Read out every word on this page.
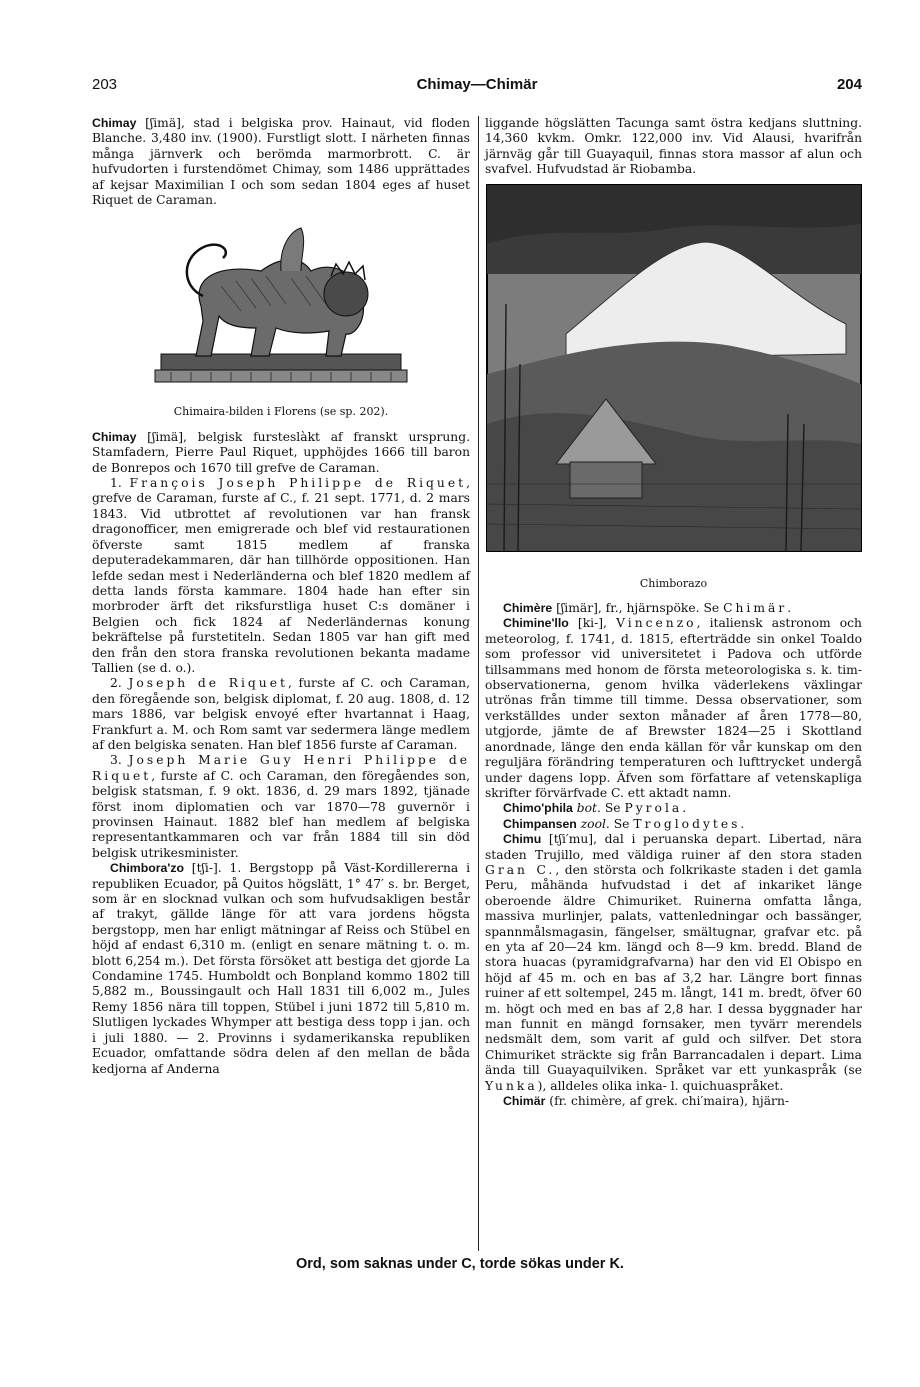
203	Chimay—Chimär	204

Chimay [ʃimä], stad i belgiska prov. Hainaut, vid floden Blanche. 3,480 inv. (1900). Furstligt slott. I närheten finnas många järnverk och berömda marmorbrott. C. är hufvudorten i furstendömet Chimay, som 1486 upprättades af kejsar Maximilian I och som sedan 1804 eges af huset Riquet de Caraman.

Chimaira-bilden i Florens (se sp. 202).

Chimay [ʃimä], belgisk fursteslàkt af franskt ursprung. Stamfadern, Pierre Paul Riquet, upphöjdes 1666 till baron de Bonrepos och 1670 till grefve de Caraman.

1. François Joseph Philippe de Riquet, grefve de Caraman, furste af C., f. 21 sept. 1771, d. 2 mars 1843. Vid utbrottet af revolutionen var han fransk dragonofficer, men emigrerade och blef vid restaurationen öfverste samt 1815 medlem af franska deputeradekammaren, där han tillhörde oppositionen. Han lefde sedan mest i Nederländerna och blef 1820 medlem af detta lands första kammare. 1804 hade han efter sin morbroder ärft det riksfurstliga huset C:s domäner i Belgien och fick 1824 af Nederländernas konung bekräftelse på furstetiteln. Sedan 1805 var han gift med den från den stora franska revolutionen bekanta madame Tallien (se d. o.).

2. Joseph de Riquet, furste af C. och Caraman, den föregående son, belgisk diplomat, f. 20 aug. 1808, d. 12 mars 1886, var belgisk envoyé efter hvartannat i Haag, Frankfurt a. M. och Rom samt var sedermera länge medlem af den belgiska senaten. Han blef 1856 furste af Caraman.

3. Joseph Marie Guy Henri Philippe de Riquet, furste af C. och Caraman, den föregåendes son, belgisk statsman, f. 9 okt. 1836, d. 29 mars 1892, tjänade först inom diplomatien och var 1870—78 guvernör i provinsen Hainaut. 1882 blef han medlem af belgiska representantkammaren och var från 1884 till sin död belgisk utrikesminister.

Chimbora'zo [tʃi-]. 1. Bergstopp på Väst-Kordillererna i republiken Ecuador, på Quitos högslätt, 1° 47′ s. br. Berget, som är en slocknad vulkan och som hufvudsakligen består af trakyt, gällde länge för att vara jordens högsta bergstopp, men har enligt mätningar af Reiss och Stübel en höjd af endast 6,310 m. (enligt en senare mätning t. o. m. blott 6,254 m.). Det första försöket att bestiga det gjorde La Condamine 1745. Humboldt och Bonpland kommo 1802 till 5,882 m., Boussingault och Hall 1831 till 6,002 m., Jules Remy 1856 nära till toppen, Stübel i juni 1872 till 5,810 m. Slutligen lyckades Whymper att bestiga dess topp i jan. och i juli 1880. — 2. Provinns i sydamerikanska republiken Ecuador, omfattande södra delen af den mellan de båda kedjorna af Anderna

liggande högslätten Tacunga samt östra kedjans sluttning. 14,360 kvkm. Omkr. 122,000 inv. Vid Alausi, hvarifrån järnväg går till Guayaquil, finnas stora massor af alun och svafvel. Hufvudstad är Riobamba.

Chimborazo

Chimère [ʃimär], fr., hjärnspöke. Se Chimär.

Chimine'llo [ki-], Vincenzo, italiensk astronom och meteorolog, f. 1741, d. 1815, efterträdde sin onkel Toaldo som professor vid universitetet i Padova och utförde tillsammans med honom de första meteorologiska s. k. tim-observationerna, genom hvilka väderlekens växlingar utrönas från timme till timme. Dessa observationer, som verkställdes under sexton månader af åren 1778—80, utgjorde, jämte de af Brewster 1824—25 i Skottland anordnade, länge den enda källan för vår kunskap om den reguljära förändring temperaturen och lufttrycket undergå under dagens lopp. Äfven som författare af vetenskapliga skrifter förvärfvade C. ett aktadt namn.

Chimo'phila bot. Se Pyrola.

Chimpansen zool. Se Troglodytes.

Chimu [tʃi′mu], dal i peruanska depart. Libertad, nära staden Trujillo, med väldiga ruiner af den stora staden Gran C., den största och folkrikaste staden i det gamla Peru, måhända hufvudstad i det af inkariket länge oberoende äldre Chimuriket. Ruinerna omfatta långa, massiva murlinjer, palats, vattenledningar och bassänger, spannmålsmagasin, fängelser, smältugnar, grafvar etc. på en yta af 20—24 km. längd och 8—9 km. bredd. Bland de stora huacas (pyramidgrafvarna) har den vid El Obispo en höjd af 45 m. och en bas af 3,2 har. Längre bort finnas ruiner af ett soltempel, 245 m. långt, 141 m. bredt, öfver 60 m. högt och med en bas af 2,8 har. I dessa byggnader har man funnit en mängd fornsaker, men tyvärr merendels nedsmält dem, som varit af guld och silfver. Det stora Chimuriket sträckte sig från Barrancadalen i depart. Lima ända till Guayaquilviken. Språket var ett yunkaspråk (se Yunka), alldeles olika inka- l. quichuaspråket.

Chimär (fr. chimère, af grek. chi′maira), hjärn-

Ord, som saknas under C, torde sökas under K.
